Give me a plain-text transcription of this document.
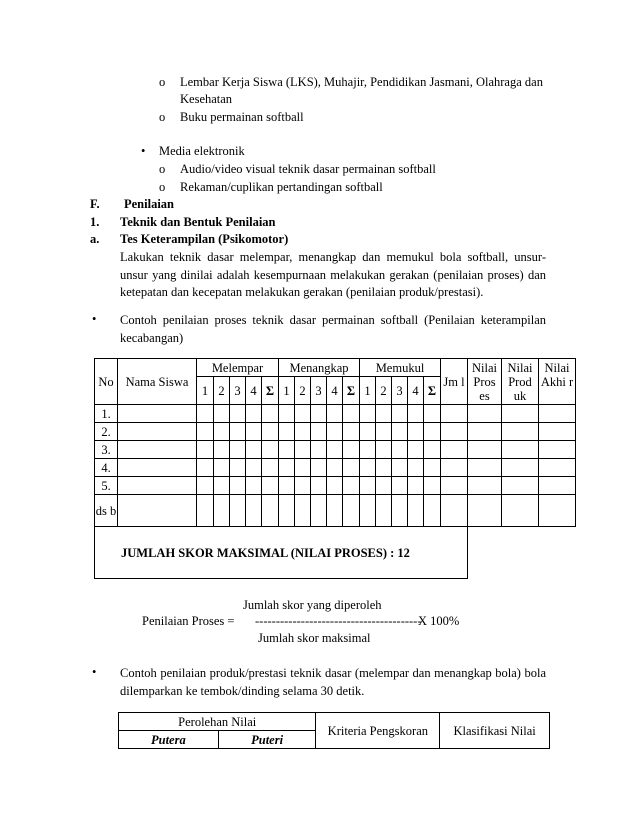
o Lembar Kerja Siswa (LKS), Muhajir, Pendidikan Jasmani, Olahraga dan
Kesehatan
o Buku permainan softball
• Media elektronik
o Audio/video visual teknik dasar permainan softball
o Rekaman/cuplikan pertandingan softball
F. Penilaian
1. Teknik dan Bentuk Penilaian
a. Tes Keterampilan (Psikomotor)
Lakukan teknik dasar melempar, menangkap dan memukul bola softball, unsur-unsur yang dinilai adalah kesempurnaan melakukan gerakan (penilaian proses) dan ketepatan dan kecepatan melakukan gerakan (penilaian produk/prestasi).
• Contoh penilaian proses teknik dasar permainan softball (Penilaian keterampilan kecabangan)
No	Nama Siswa	Melempar					Menangkap					Memukul					Jm l	Nilai Pros es	Nilai Prod uk	Nilai Akhi r
		1	2	3	4	Σ	1	2	3	4	Σ	1	2	3	4	Σ				
1.																				
2.																				
3.																				
4.																				
5.																				
ds b																				
JUMLAH SKOR MAKSIMAL (NILAI PROSES) : 12																				
Jumlah skor yang diperoleh
Penilaian Proses = ----------------------------------------
X 100%
Jumlah skor maksimal
• Contoh penilaian produk/prestasi teknik dasar (melempar dan menangkap bola) bola dilemparkan ke tembok/dinding selama 30 detik.
Perolehan Nilai		Kriteria Pengskoran	Klasifikasi Nilai
Putera	Puteri		
